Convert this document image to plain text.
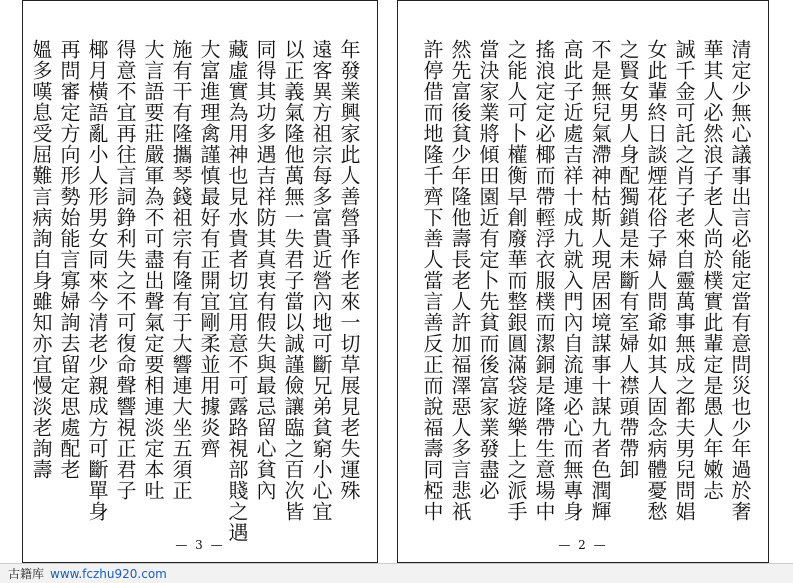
年發業興家此人善營爭作老來一切草展見老失運殊
遠客異方祖宗每多富貴近營內地可斷兄弟貧窮小心宜
以正義氣隆他萬無一失君子當以誠謹儉讓臨之百次皆
同得其功多遇吉祥防其真衷有假失與最忌留心貧內
藏虛實為用神也見水貴者切宜用意不可露路視部賤之遇
大富進理禽謹慎最好有正開宜剛柔並用據炎齊
施有干有隆攜琴錢祖宗有隆有于大響連大坐五須正
大言語要莊嚴軍為不可盡出聲氣定要相連淡定本吐
得意不宜再往言詞錚利失之不可復命聲響視正君子
椰月橫語亂小人形男女同來今清老少親成方可斷單身
再問審定方向形勢始能言寡婦詢去留定思處配老
媼多嘆息受屈難言病詢自身雖知亦宜慢淡老詢壽
— 3 —
清定少無心議事出言必能定當有意問災也少年過於奢
華其人必然浪子老人尚於樸實此輩定是愚人年嫩忐
誠千金可託之肖子老來自靈萬事無成之都夫男兒問娼
女此輩終日談煙花俗子婦人問爺如其人固念病體憂愁
之賢女男人身配獨鎖是未斷有室婦人襟頭帶帶卸
不是無兒氣滯神枯斯人現居困境謀事十謀九者色潤輝
高此子近處吉祥十成九就入門內自流連必心而無專身
搖浪定定必椰而帶輕浮衣服樸而潔銅是隆帶生意場中
之能人可卜權衡早創廢華而整銀圓滿袋遊樂上之派手
當決家業將傾田園近有定卜先貧而後富家業發盡必
然先富後貧少年隆他壽長老人許加福澤惡人多言悲祇
許停借而地隆千齊下善人當言善反正而說福壽同椏中
— 2 —
古籍库 www.fczhu920.com
